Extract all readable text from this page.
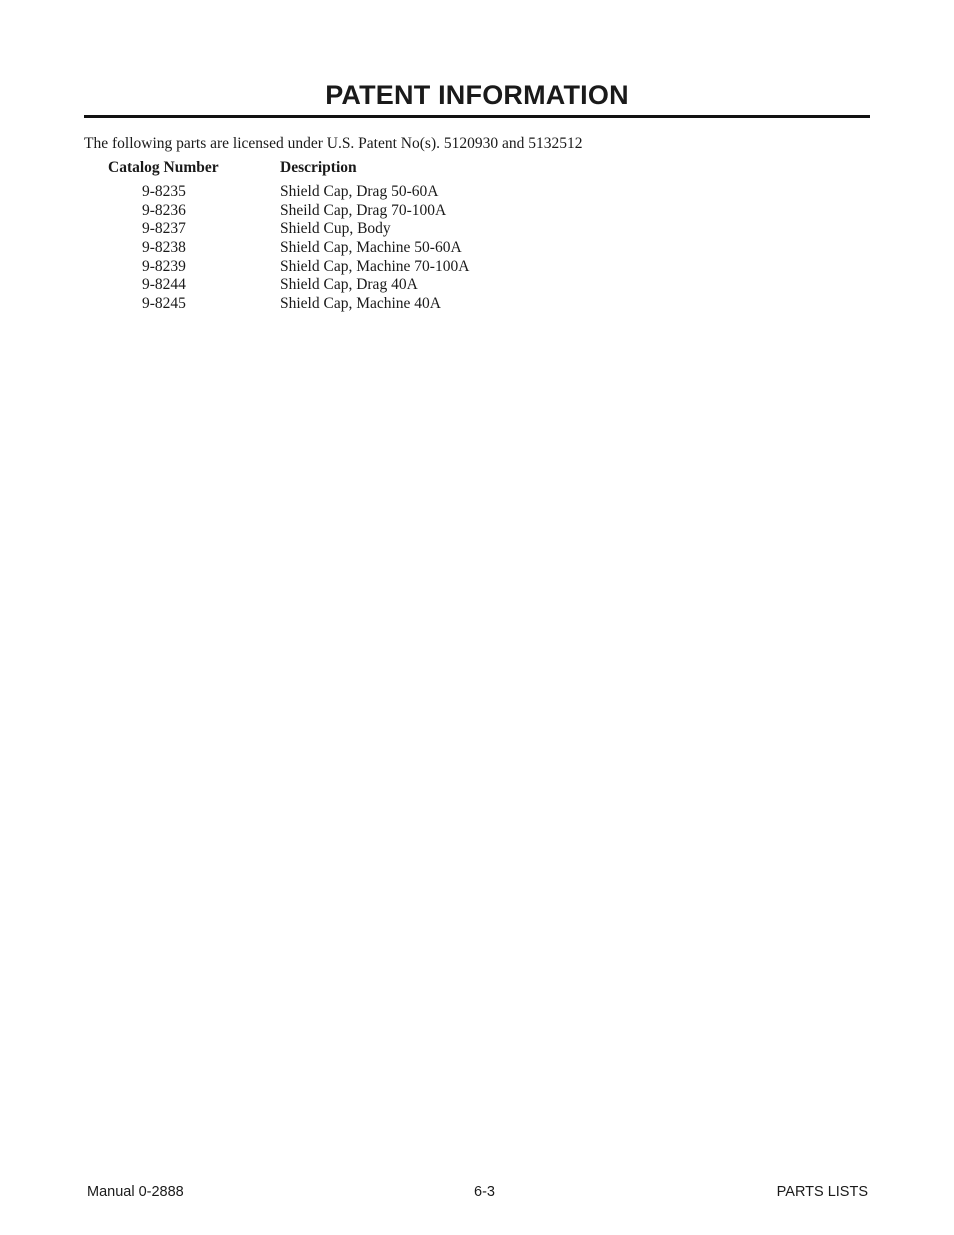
PATENT INFORMATION
The following parts are licensed under U.S. Patent No(s). 5120930 and 5132512
Catalog Number	Description
9-8235	Shield Cap, Drag 50-60A
9-8236	Sheild Cap, Drag 70-100A
9-8237	Shield Cup, Body
9-8238	Shield Cap, Machine 50-60A
9-8239	Shield Cap, Machine 70-100A
9-8244	Shield Cap, Drag 40A
9-8245	Shield Cap, Machine 40A
Manual 0-2888	6-3	PARTS LISTS
